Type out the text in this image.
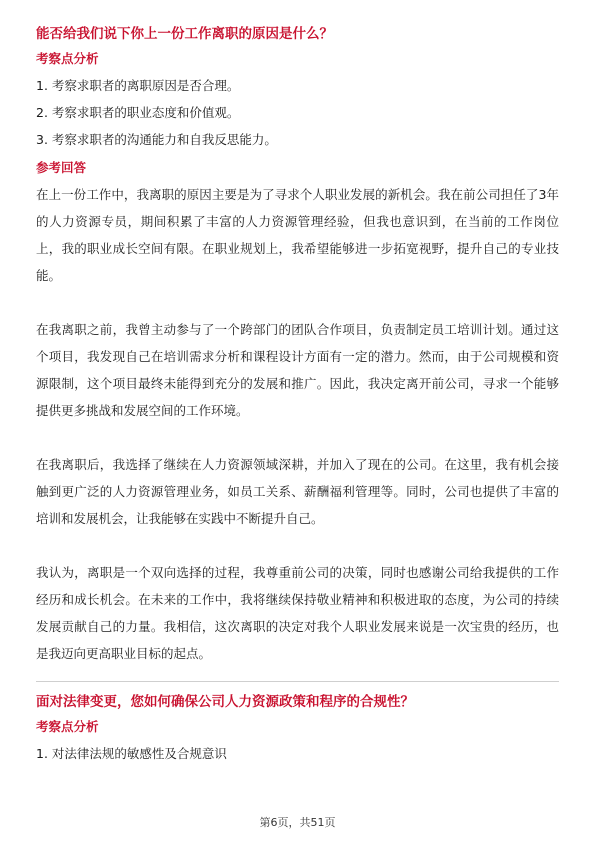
能否给我们说下你上一份工作离职的原因是什么？
考察点分析
1. 考察求职者的离职原因是否合理。
2. 考察求职者的职业态度和价值观。
3. 考察求职者的沟通能力和自我反思能力。
参考回答

在上一份工作中，我离职的原因主要是为了寻求个人职业发展的新机会。我在前公司担任了3年的人力资源专员，期间积累了丰富的人力资源管理经验，但我也意识到，在当前的工作岗位上，我的职业成长空间有限。在职业规划上，我希望能够进一步拓宽视野，提升自己的专业技能。

在我离职之前，我曾主动参与了一个跨部门的团队合作项目，负责制定员工培训计划。通过这个项目，我发现自己在培训需求分析和课程设计方面有一定的潜力。然而，由于公司规模和资源限制，这个项目最终未能得到充分的发展和推广。因此，我决定离开前公司，寻求一个能够提供更多挑战和发展空间的工作环境。

在我离职后，我选择了继续在人力资源领域深耕，并加入了现在的公司。在这里，我有机会接触到更广泛的人力资源管理业务，如员工关系、薪酬福利管理等。同时，公司也提供了丰富的培训和发展机会，让我能够在实践中不断提升自己。

我认为，离职是一个双向选择的过程，我尊重前公司的决策，同时也感谢公司给我提供的工作经历和成长机会。在未来的工作中，我将继续保持敬业精神和积极进取的态度，为公司的持续发展贡献自己的力量。我相信，这次离职的决定对我个人职业发展来说是一次宝贵的经历，也是我迈向更高职业目标的起点。

面对法律变更，您如何确保公司人力资源政策和程序的合规性？
考察点分析
1. 对法律法规的敏感性及合规意识
第6页，共51页
